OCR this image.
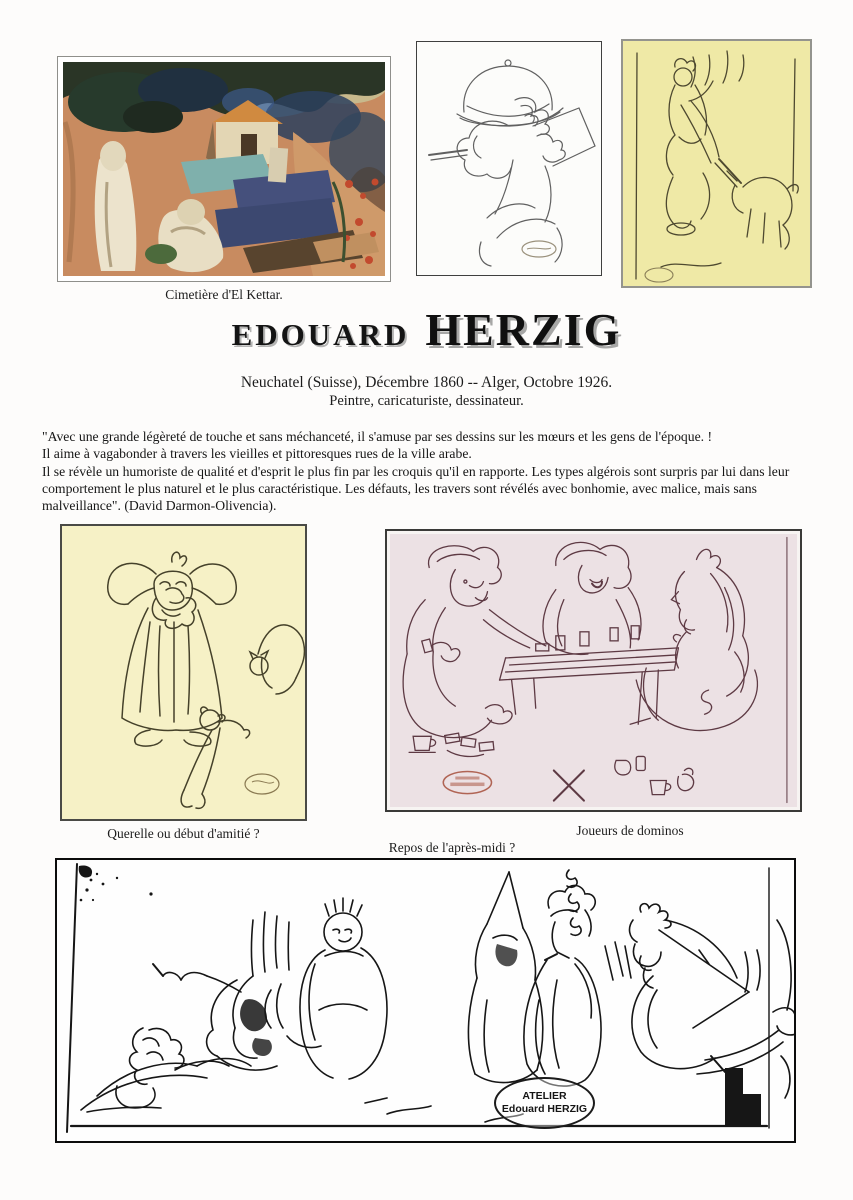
Cimetière d'El Kettar.
EDOUARD HERZIG
Neuchatel (Suisse), Décembre 1860 -- Alger, Octobre 1926.
Peintre, caricaturiste, dessinateur.
"Avec une grande légèreté de touche et sans méchanceté, il s'amuse par ses dessins sur les mœurs et les gens de l'époque. !
Il aime à vagabonder à travers les vieilles et pittoresques rues de la ville arabe.
Il se révèle un humoriste de qualité et d'esprit le plus fin par les croquis qu'il en rapporte. Les types algérois sont surpris par lui dans leur comportement le plus naturel et le plus caractéristique. Les défauts, les travers sont révélés avec bonhomie, avec malice, mais sans malveillance". (David Darmon-Olivencia).
Querelle ou début d'amitié ?	Joueurs de dominos
Repos de l'après-midi ?
ATELIER
Edouard HERZIG
